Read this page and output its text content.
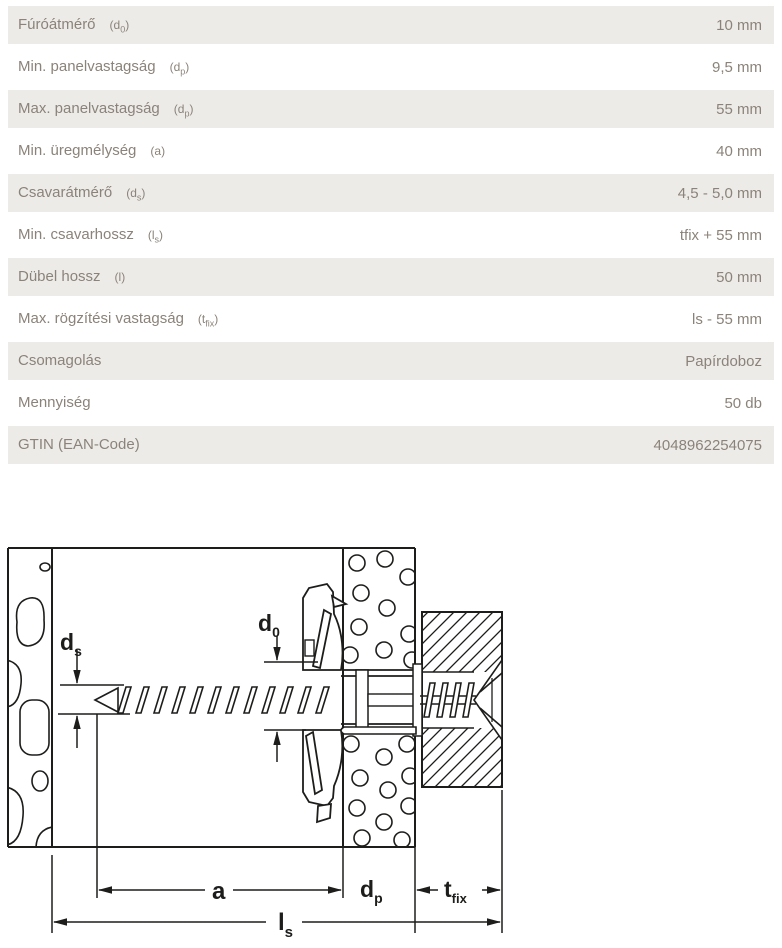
Fúróátmérő $(d_0)$	10 mm
Min. panelvastagság $(d_p)$	9,5 mm
Max. panelvastagság $(d_p)$	55 mm
Min. üregmélység (a)	40 mm
Csavarátmérő $(d_s)$	4,5 - 5,0 mm
Min. csavarhossz $(l_s)$	tfix + 55 mm
Dübel hossz (l)	50 mm
Max. rögzítési vastagság $(t_{fix})$	ls - 55 mm
Csomagolás	Papírdoboz
Mennyiség	50 db
GTIN (EAN-Code)	4048962254075
$d_s$
$d_0$
a	$d_p$	$t_{fix}$
$l_s$
